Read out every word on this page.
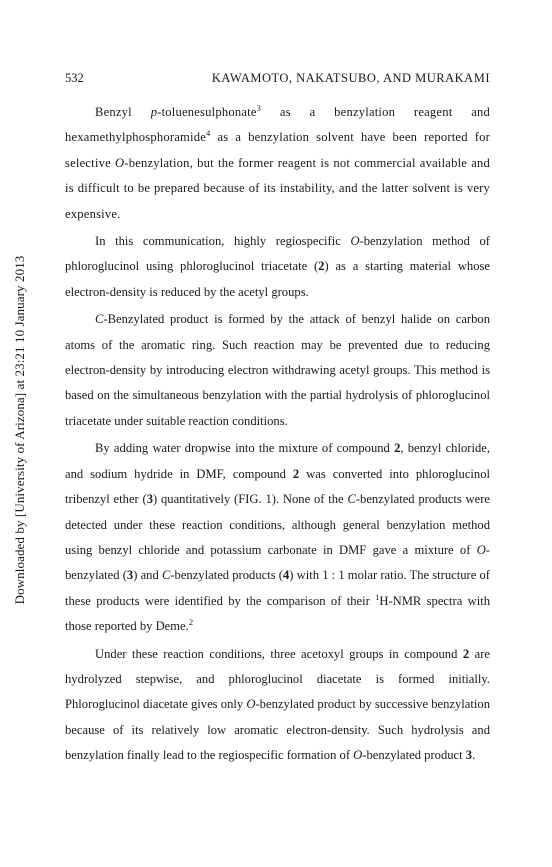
Downloaded by [University of Arizona] at 23:21 10 January 2013
532	KAWAMOTO, NAKATSUBO, AND MURAKAMI

Benzyl p-toluenesulphonate$^3$ as a benzylation reagent and hexamethylphosphoramide$^4$ as a benzylation solvent have been reported for selective O-benzylation, but the former reagent is not commercial available and is difficult to be prepared because of its instability, and the latter solvent is very expensive.

In this communication, highly regiospecific O-benzylation method of phloroglucinol using phloroglucinol triacetate (2) as a starting material whose electron-density is reduced by the acetyl groups.

C-Benzylated product is formed by the attack of benzyl halide on carbon atoms of the aromatic ring. Such reaction may be prevented due to reducing electron-density by introducing electron withdrawing acetyl groups. This method is based on the simultaneous benzylation with the partial hydrolysis of phloroglucinol triacetate under suitable reaction conditions.

By adding water dropwise into the mixture of compound 2, benzyl chloride, and sodium hydride in DMF, compound 2 was converted into phloroglucinol tribenzyl ether (3) quantitatively (FIG. 1). None of the C-benzylated products were detected under these reaction conditions, although general benzylation method using benzyl chloride and potassium carbonate in DMF gave a mixture of O-benzylated (3) and C-benzylated products (4) with 1 : 1 molar ratio. The structure of these products were identified by the comparison of their $^1$H-NMR spectra with those reported by Deme.$^2$

Under these reaction conditions, three acetoxyl groups in compound 2 are hydrolyzed stepwise, and phloroglucinol diacetate is formed initially. Phloroglucinol diacetate gives only O-benzylated product by successive benzylation because of its relatively low aromatic electron-density. Such hydrolysis and benzylation finally lead to the regiospecific formation of O-benzylated product 3.
